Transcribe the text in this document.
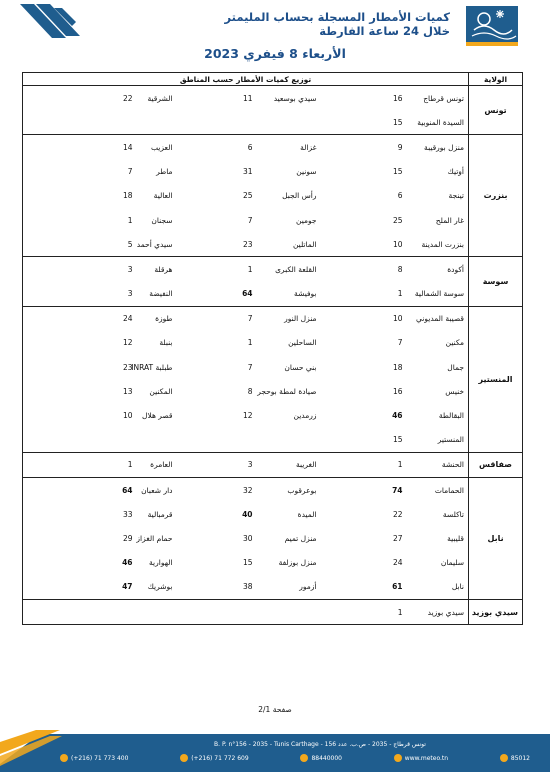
كميات الأمطار المسجلة بحساب المليمتر
خلال 24 ساعة الفارطة
الأربعاء 8 فيفري 2023
الولاية	توزيع كميات الأمطار حسب المناطق					
تونس	تونس قرطاج	16	سيدي بوسعيد	11	الشرقية	22
	السيدة المنوبية	15				
بنزرت	منزل بورقيبة	9	غزالة	6	العزيب	14
	أوتيك	15	سونين	31	ماطر	7
	تينجة	6	رأس الجبل	25	العالية	18
	غار الملح	25	جومين	7	سجنان	1
	بنزرت المدينة	10	الماتلين	23	سيدي أحمد	5
سوسة	أكودة	8	القلعة الكبرى	1	هرقلة	3
	سوسة الشمالية	1	بوفيشة	64	النفيضة	3
المنستير	قصيبة المديوني	10	منزل النور	7	طوزة	24
	مكنين	7	الساحلين	1	بنبلة	12
	جمال	18	بني حسان	7	طبلبة INRAT	23
	خنيس	16	صيادة لمطة بوحجر	8	المكنين	13
	البقالطة	46	زرمدين	12	قصر هلال	10
	المنستير	15				
صفاقس	الحنشة	1	الغريبة	3	العامرة	1
نابل	الحمامات	74	بوعرقوب	32	دار شعبان	64
	تاكلسة	22	الميدة	40	قرمبالية	33
	قليبية	27	منزل تميم	30	حمام الغزاز	29
	سليمان	24	منزل بوزلفة	15	الهوارية	46
	نابل	61	أزمور	38	بوشريك	47
سيدي بوزيد	سيدي بوزيد	1				
صفحة 2/1
B. P. n°156 - 2035 - Tunis Carthage - تونس قرطاج - 2035 - ص.ب. عدد 156
(+216) 71 773 400	(+216) 71 772 609	88440000	www.meteo.tn	85012
